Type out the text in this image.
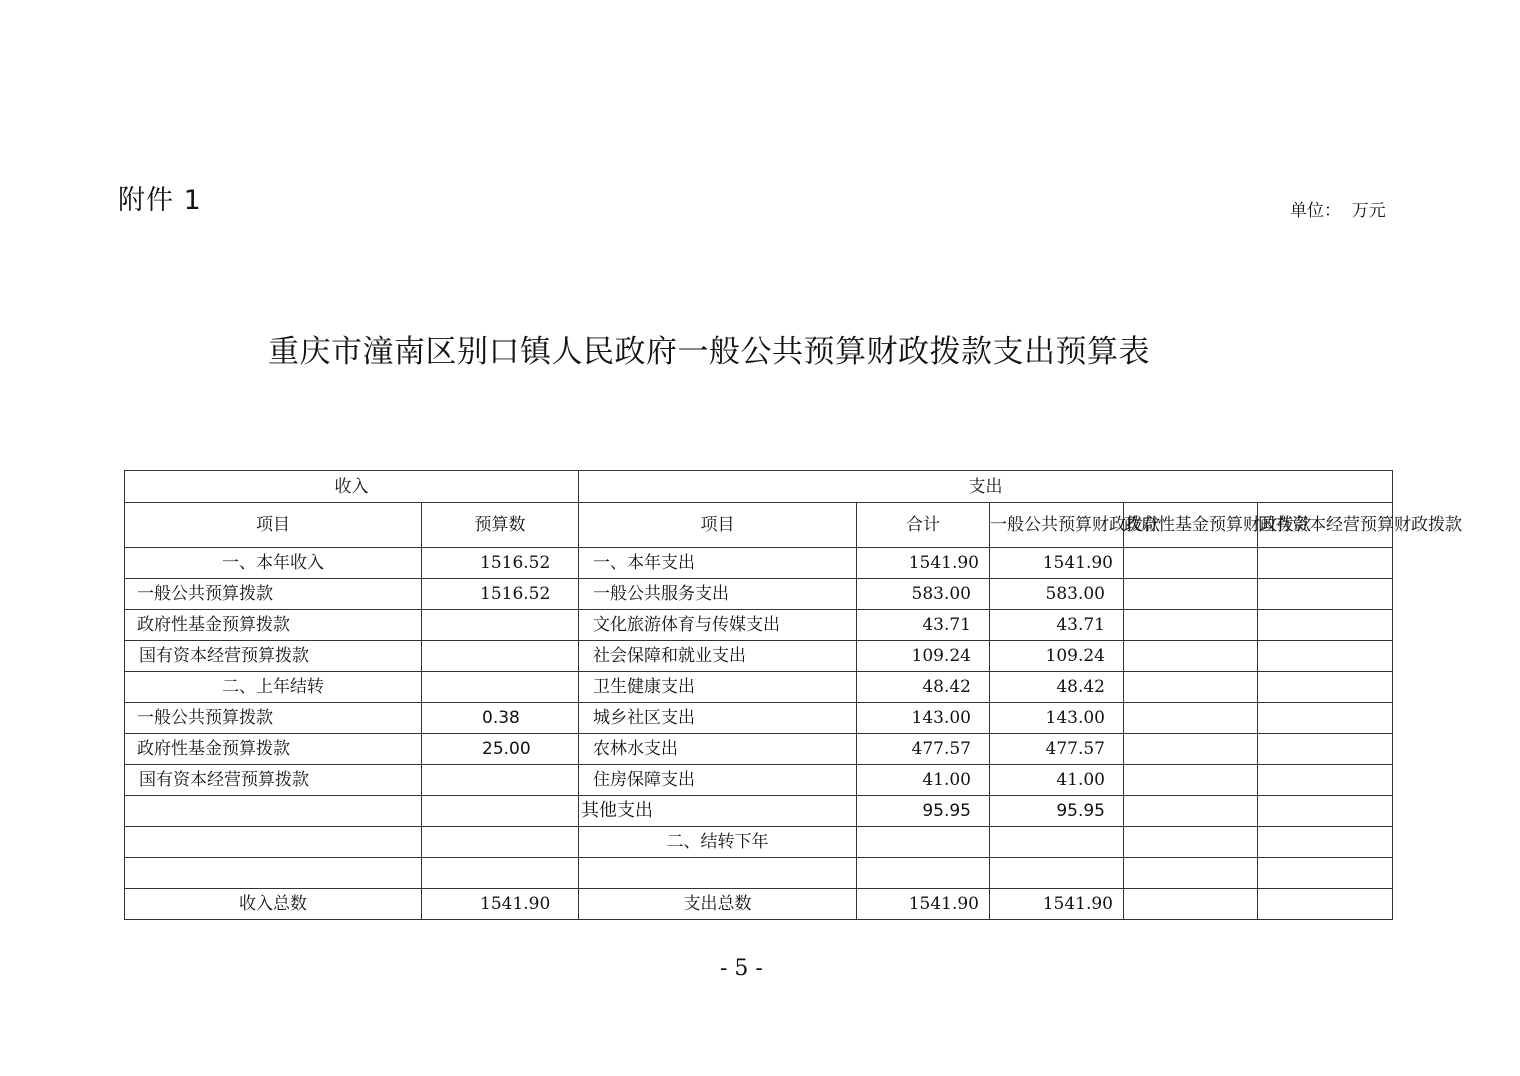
附件 1	单位：  万元
重庆市潼南区别口镇人民政府一般公共预算财政拨款支出预算表
收入		支出				
项目	预算数	项目	合计	一般公共预算财政拨款	政府性基金预算财政拨款	国有资本经营预算财政拨款
一、本年收入	1516.52	一、本年支出	1541.90	1541.90		
一般公共预算拨款	1516.52	一般公共服务支出	583.00	583.00		
政府性基金预算拨款		文化旅游体育与传媒支出	43.71	43.71		
国有资本经营预算拨款		社会保障和就业支出	109.24	109.24		
二、上年结转		卫生健康支出	48.42	48.42		
一般公共预算拨款	0.38	城乡社区支出	143.00	143.00		
政府性基金预算拨款	25.00	农林水支出	477.57	477.57		
国有资本经营预算拨款		住房保障支出	41.00	41.00		
		其他支出	95.95	95.95		
		二、结转下年				

收入总数	1541.90	支出总数	1541.90	1541.90		
- 5 -
